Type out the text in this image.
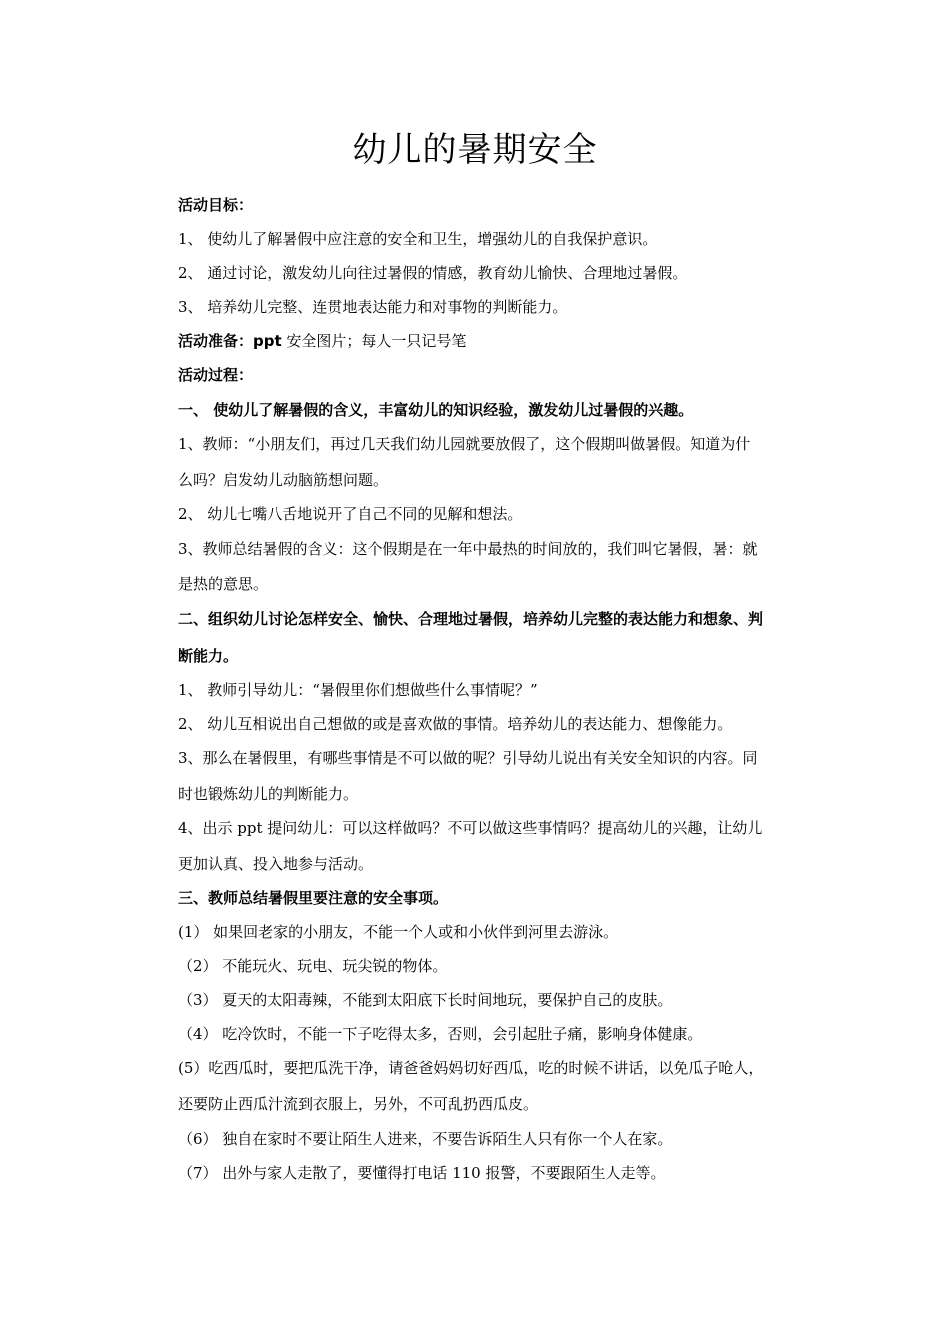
幼儿的暑期安全
活动目标：
1、 使幼儿了解暑假中应注意的安全和卫生，增强幼儿的自我保护意识。
2、 通过讨论，激发幼儿向往过暑假的情感，教育幼儿愉快、合理地过暑假。
3、 培养幼儿完整、连贯地表达能力和对事物的判断能力。
活动准备：ppt 安全图片；每人一只记号笔
活动过程：
一、 使幼儿了解暑假的含义，丰富幼儿的知识经验，激发幼儿过暑假的兴趣。
1、教师：“小朋友们，再过几天我们幼儿园就要放假了，这个假期叫做暑假。知道为什
么吗？启发幼儿动脑筋想问题。
2、 幼儿七嘴八舌地说开了自己不同的见解和想法。
3、教师总结暑假的含义：这个假期是在一年中最热的时间放的，我们叫它暑假，暑：就
是热的意思。
二、组织幼儿讨论怎样安全、愉快、合理地过暑假，培养幼儿完整的表达能力和想象、判
断能力。
1、 教师引导幼儿：“暑假里你们想做些什么事情呢？”
2、 幼儿互相说出自己想做的或是喜欢做的事情。培养幼儿的表达能力、想像能力。
3、那么在暑假里，有哪些事情是不可以做的呢？引导幼儿说出有关安全知识的内容。同
时也锻炼幼儿的判断能力。
4、出示 ppt 提问幼儿：可以这样做吗？不可以做这些事情吗？提高幼儿的兴趣，让幼儿
更加认真、投入地参与活动。
三、教师总结暑假里要注意的安全事项。
(1） 如果回老家的小朋友，不能一个人或和小伙伴到河里去游泳。
（2） 不能玩火、玩电、玩尖锐的物体。
（3） 夏天的太阳毒辣，不能到太阳底下长时间地玩，要保护自己的皮肤。
（4） 吃冷饮时，不能一下子吃得太多，否则，会引起肚子痛，影响身体健康。
(5）吃西瓜时，要把瓜洗干净，请爸爸妈妈切好西瓜，吃的时候不讲话，以免瓜子呛人，
还要防止西瓜汁流到衣服上，另外，不可乱扔西瓜皮。
（6） 独自在家时不要让陌生人进来，不要告诉陌生人只有你一个人在家。
（7） 出外与家人走散了，要懂得打电话 110 报警，不要跟陌生人走等。
